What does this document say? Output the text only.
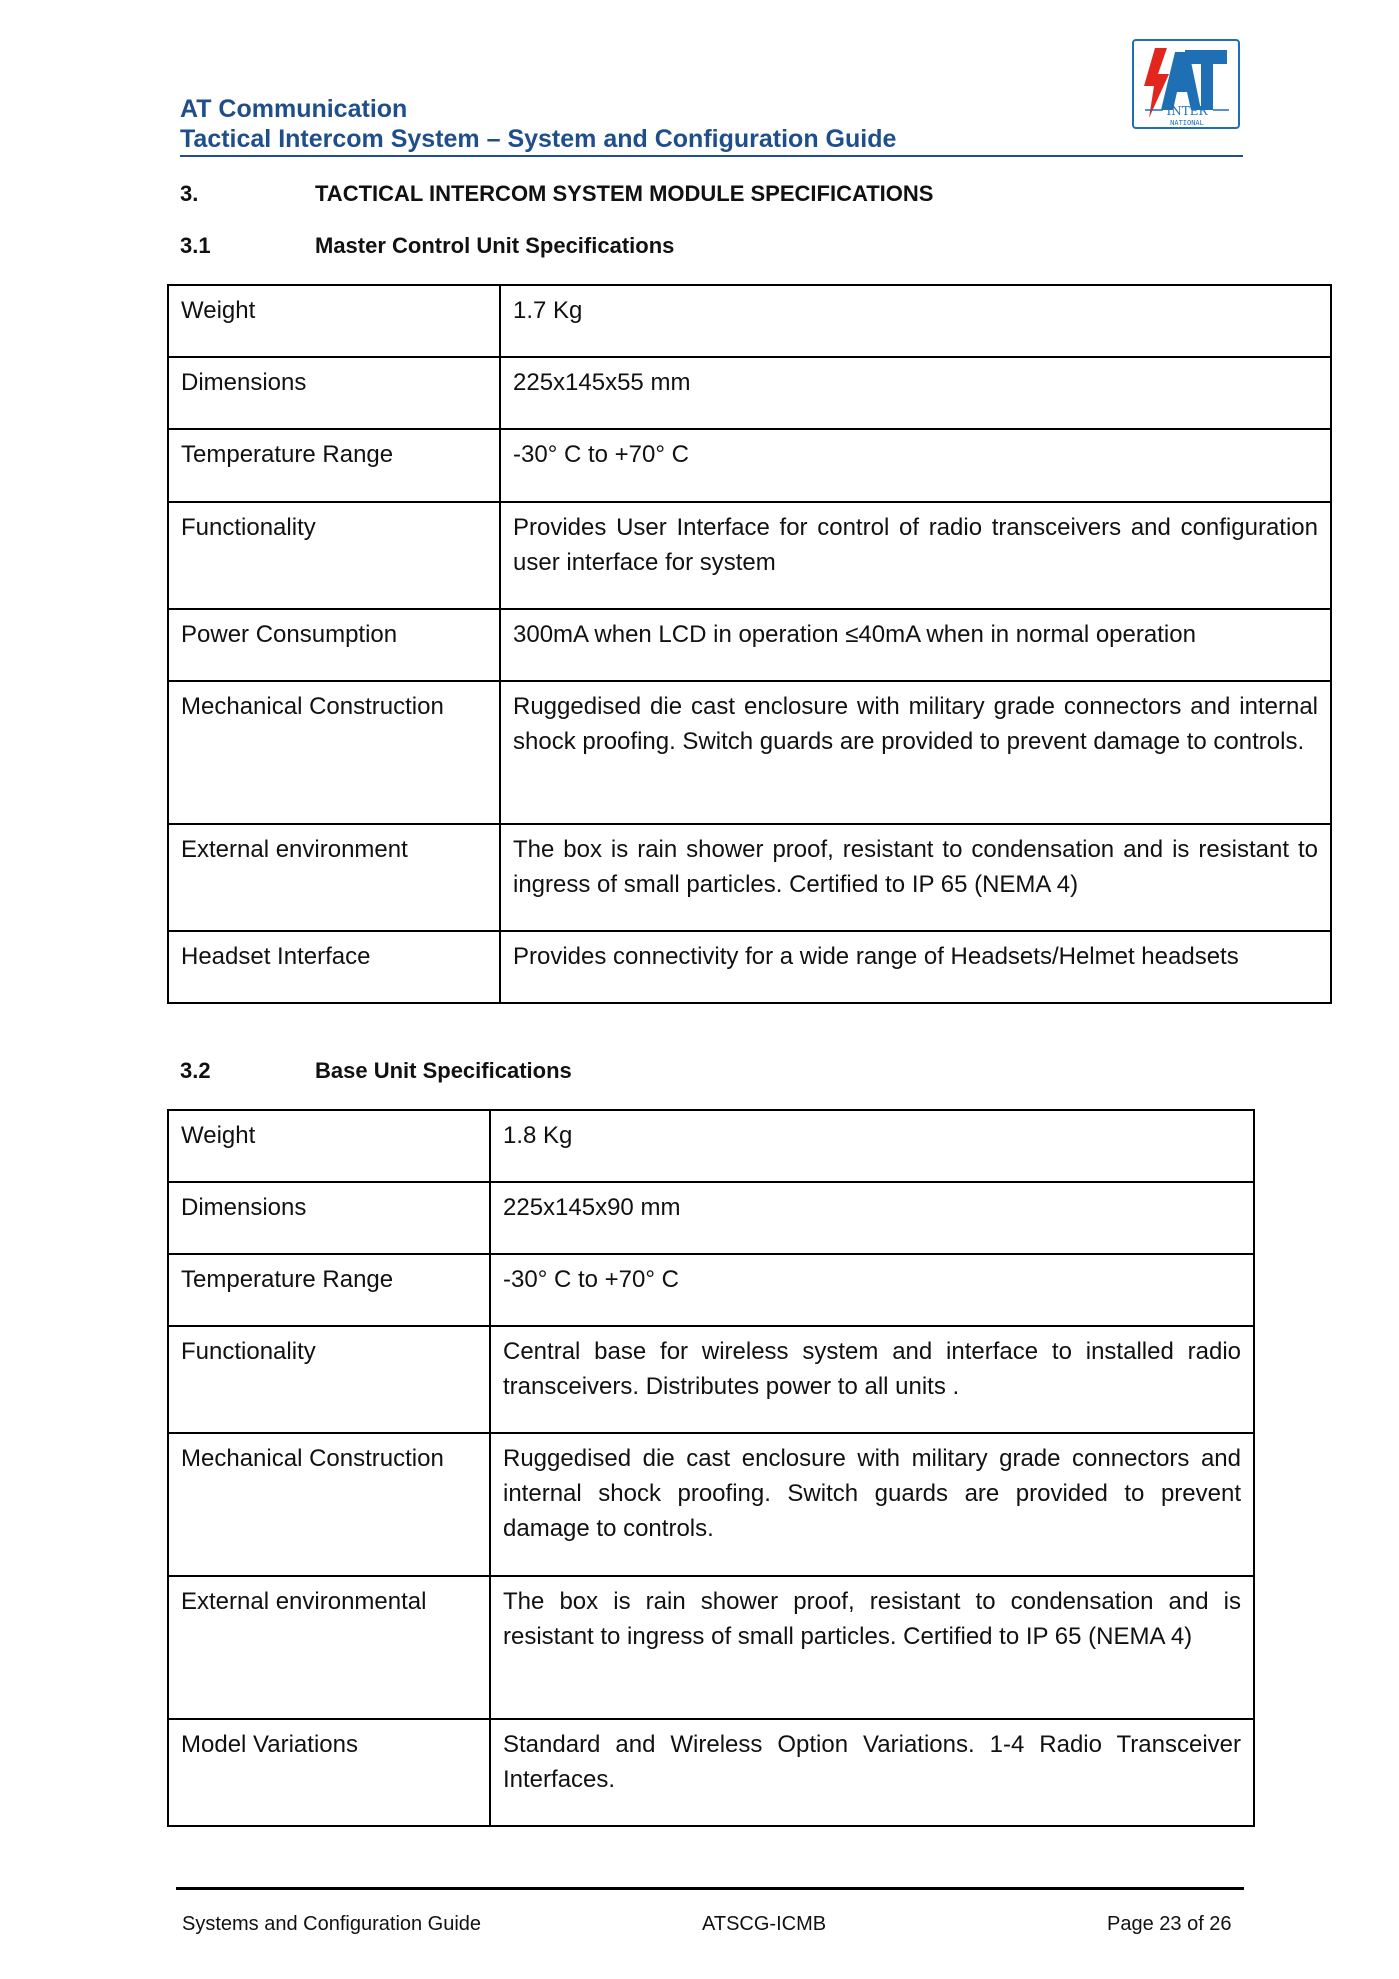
AT Communication
Tactical Intercom System – System and Configuration Guide
INTER
NATIONAL
3.	TACTICAL INTERCOM SYSTEM MODULE SPECIFICATIONS
3.1	Master Control Unit Specifications
Weight	1.7 Kg
Dimensions	225x145x55 mm
Temperature Range	-30° C to +70° C
Functionality	Provides User Interface for control of radio transceivers and configuration user interface for system
Power Consumption	300mA when LCD in operation ≤40mA when in normal operation
Mechanical Construction	Ruggedised die cast enclosure with military grade connectors and internal shock proofing. Switch guards are provided to prevent damage to controls.
External environment	The box is rain shower proof, resistant to condensation and is resistant to ingress of small particles. Certified to IP 65 (NEMA 4)
Headset Interface	Provides connectivity for a wide range of Headsets/Helmet headsets
3.2	Base Unit Specifications
Weight	1.8 Kg
Dimensions	225x145x90 mm
Temperature Range	-30° C to +70° C
Functionality	Central base for wireless system and interface to installed radio transceivers. Distributes power to all units .
Mechanical Construction	Ruggedised die cast enclosure with military grade connectors and internal shock proofing. Switch guards are provided to prevent damage to controls.
External environmental	The box is rain shower proof, resistant to condensation and is resistant to ingress of small particles. Certified to IP 65 (NEMA 4)
Model Variations	Standard and Wireless Option Variations. 1-4 Radio Transceiver Interfaces.
Systems and Configuration Guide	ATSCG-ICMB	Page 23 of 26
